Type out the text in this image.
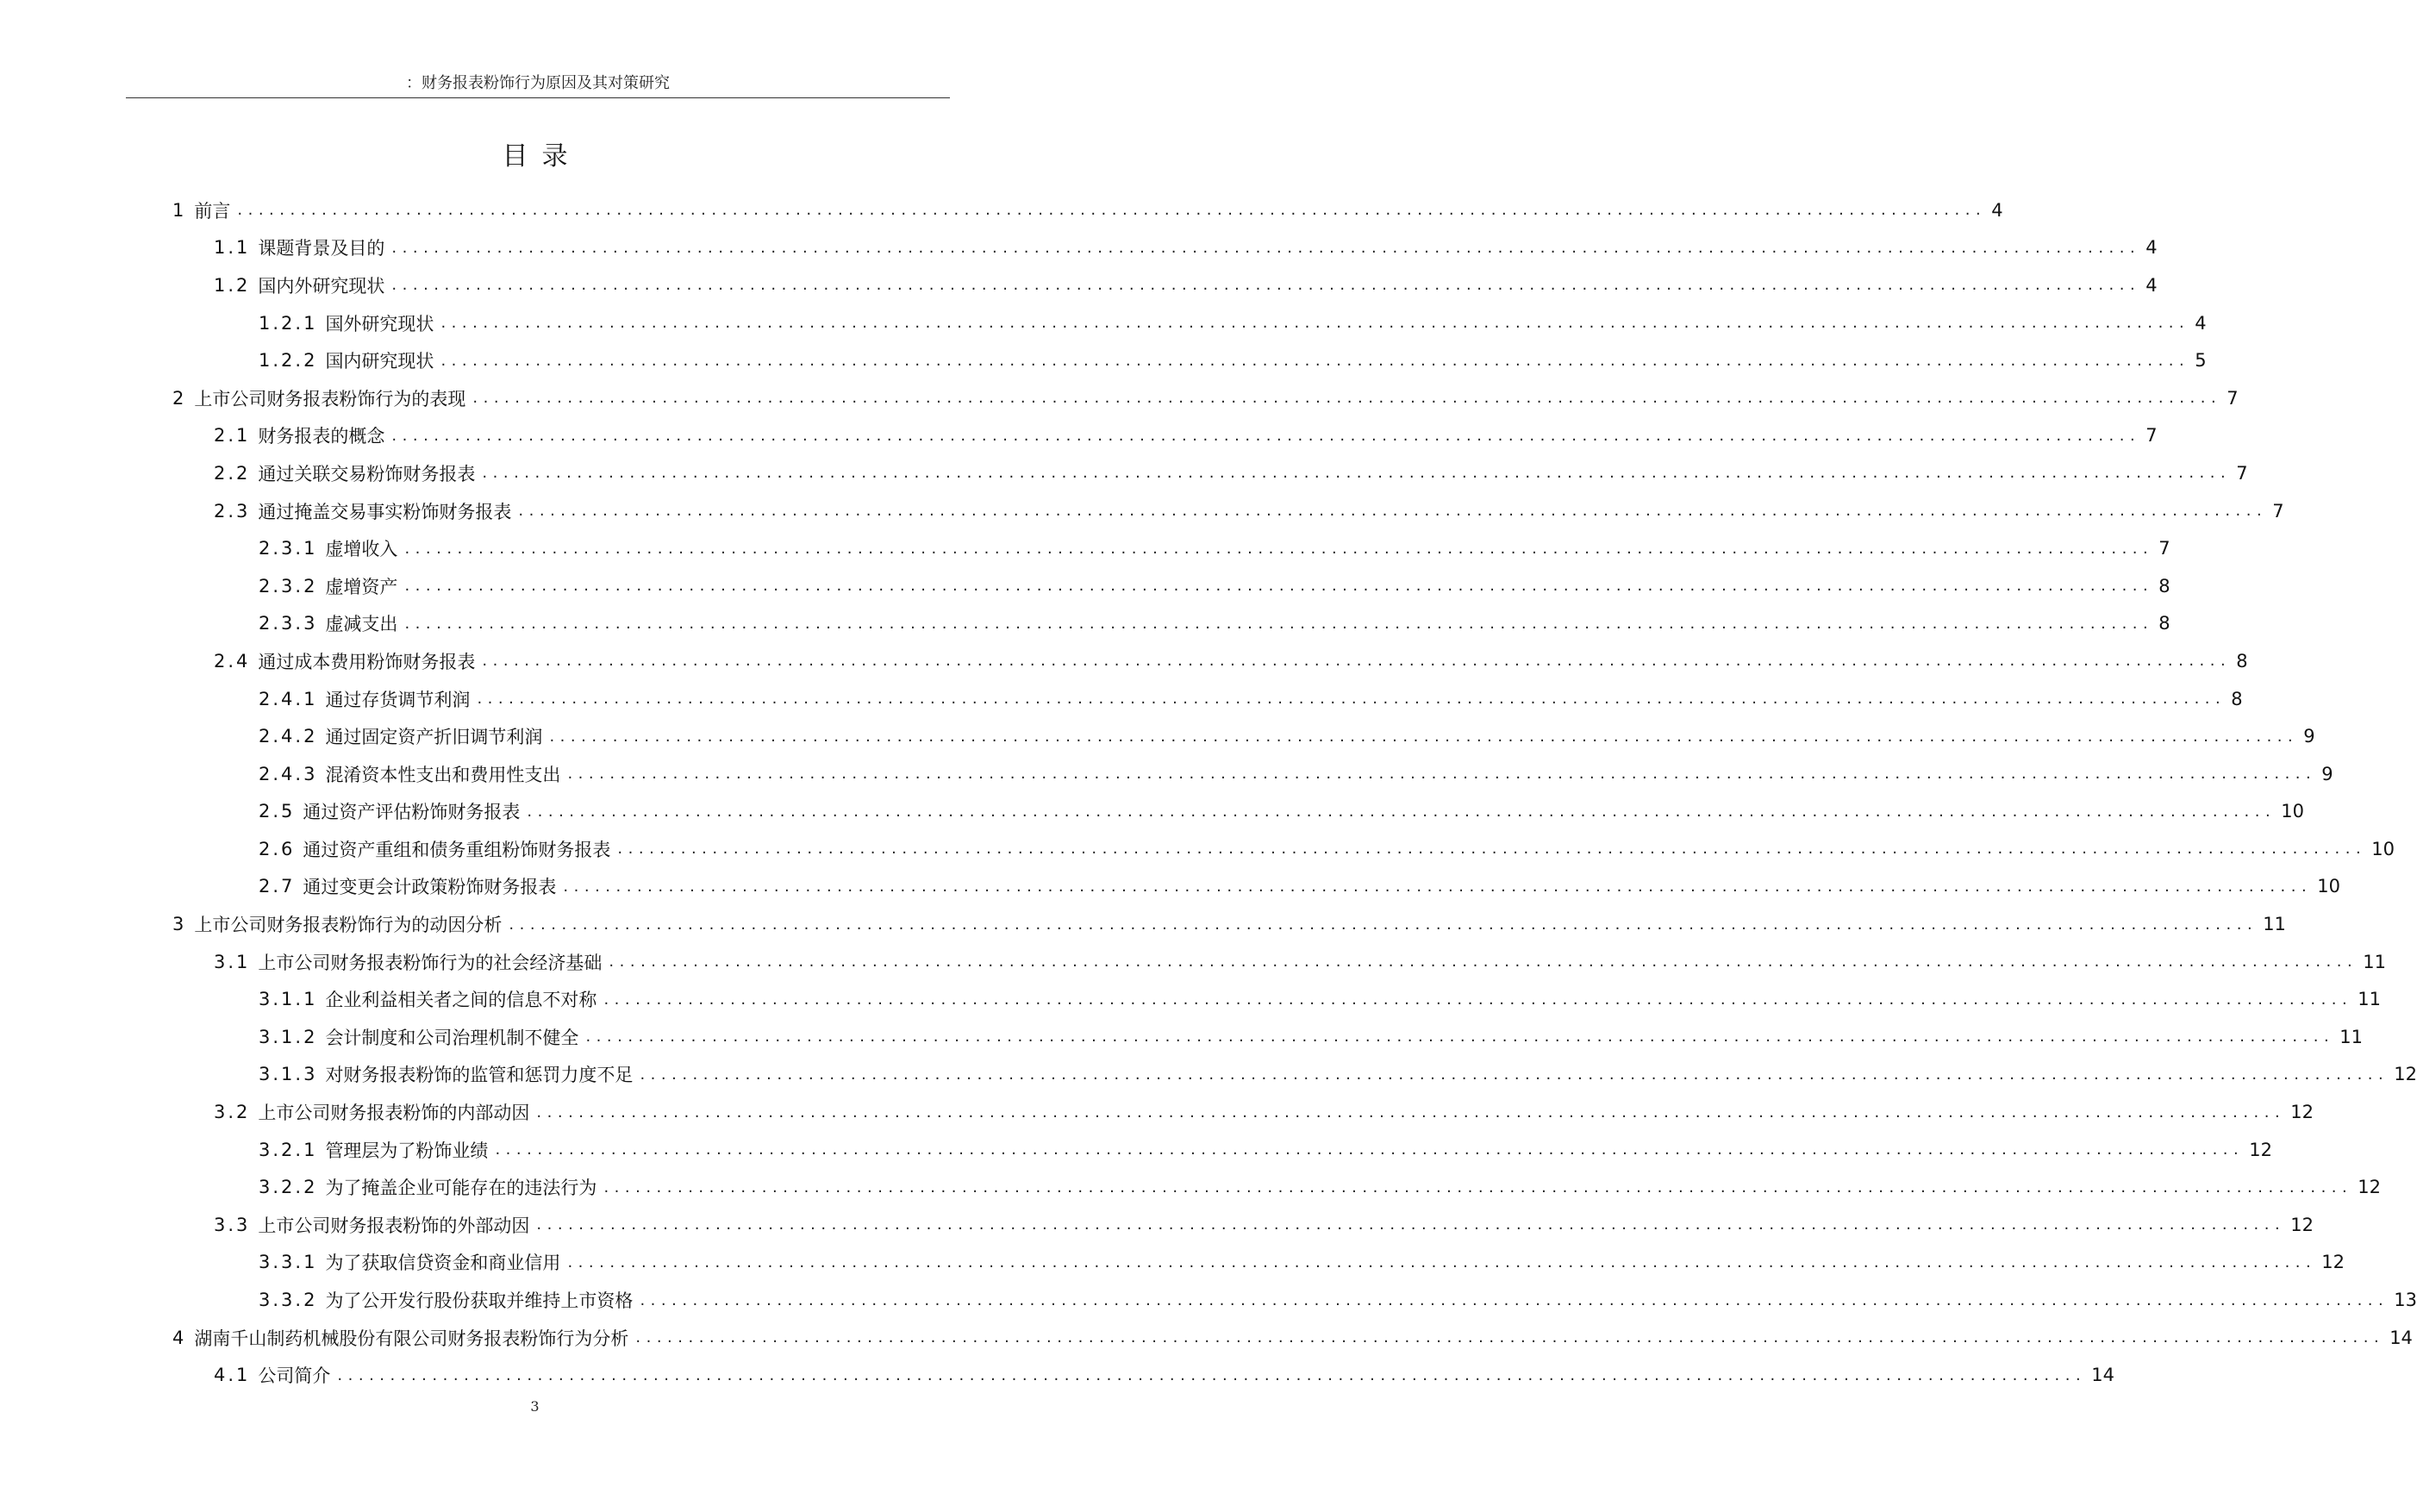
：财务报表粉饰行为原因及其对策研究
目录
1 前言 ...................................................................................................................................................................... 4
1.1 课题背景及目的 ...................................................................................................................................................................... 4
1.2 国内外研究现状 ...................................................................................................................................................................... 4
1.2.1 国外研究现状 ...................................................................................................................................................................... 4
1.2.2 国内研究现状 ...................................................................................................................................................................... 5
2 上市公司财务报表粉饰行为的表现 ...................................................................................................................................................................... 7
2.1 财务报表的概念 ...................................................................................................................................................................... 7
2.2 通过关联交易粉饰财务报表 ...................................................................................................................................................................... 7
2.3 通过掩盖交易事实粉饰财务报表 ...................................................................................................................................................................... 7
2.3.1 虚增收入 ...................................................................................................................................................................... 7
2.3.2 虚增资产 ...................................................................................................................................................................... 8
2.3.3 虚减支出 ...................................................................................................................................................................... 8
2.4 通过成本费用粉饰财务报表 ...................................................................................................................................................................... 8
2.4.1 通过存货调节利润 ...................................................................................................................................................................... 8
2.4.2 通过固定资产折旧调节利润 ...................................................................................................................................................................... 9
2.4.3 混淆资本性支出和费用性支出 ...................................................................................................................................................................... 9
2.5 通过资产评估粉饰财务报表 ...................................................................................................................................................................... 10
2.6 通过资产重组和债务重组粉饰财务报表 ...................................................................................................................................................................... 10
2.7 通过变更会计政策粉饰财务报表 ...................................................................................................................................................................... 10
3 上市公司财务报表粉饰行为的动因分析 ...................................................................................................................................................................... 11
3.1 上市公司财务报表粉饰行为的社会经济基础 ...................................................................................................................................................................... 11
3.1.1 企业利益相关者之间的信息不对称 ...................................................................................................................................................................... 11
3.1.2 会计制度和公司治理机制不健全 ...................................................................................................................................................................... 11
3.1.3 对财务报表粉饰的监管和惩罚力度不足 ...................................................................................................................................................................... 12
3.2 上市公司财务报表粉饰的内部动因 ...................................................................................................................................................................... 12
3.2.1 管理层为了粉饰业绩 ...................................................................................................................................................................... 12
3.2.2 为了掩盖企业可能存在的违法行为 ...................................................................................................................................................................... 12
3.3 上市公司财务报表粉饰的外部动因 ...................................................................................................................................................................... 12
3.3.1 为了获取信贷资金和商业信用 ...................................................................................................................................................................... 12
3.3.2 为了公开发行股份获取并维持上市资格 ...................................................................................................................................................................... 13
4 湖南千山制药机械股份有限公司财务报表粉饰行为分析 ...................................................................................................................................................................... 14
4.1 公司简介 ...................................................................................................................................................................... 14
3
